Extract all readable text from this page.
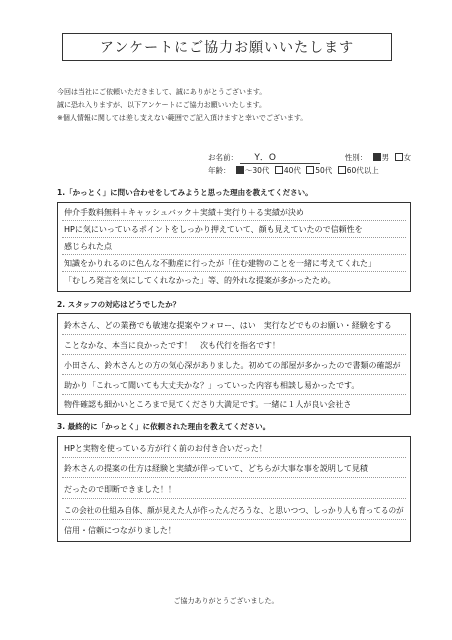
アンケートにご協力お願いいたします
今回は当社にご依頼いただきまして、誠にありがとうございます。
誠に恐れ入りますが、以下アンケートにご協力お願いいたします。
※個人情報に関しては差し支えない範囲でご記入頂けますと幸いでございます。
お名前： Y．O	性別： 男 女
年齢： ～30代 40代 50代 60代以上
1.「かっとく」に問い合わせをしてみようと思った理由を教えてください。
仲介手数料無料＋キャッシュバック＋実績＋実行り＋る実績が決め
HPに気にいっているポイントをしっかり押えていて、顔も見えていたので信頼性を
感じられた点
知識をかりれるのに色んな不動産に行ったが「住む建物のことを一緒に考えてくれた」
「むしろ発言を気にしてくれなかった」等、的外れな提案が多かったため。
2. スタッフの対応はどうでしたか？
鈴木さん、どの業務でも敏速な提案やフォロー、はい　実行などでものお願い・経験をする
ことなかな、本当に良かったです！　次も代行を指名です！
小田さん、鈴木さんとの方の気心深がありました。初めての部屋が多かったので書類の確認が
助かり「これって聞いても大丈夫かな？」っていった内容も相談し易かったです。
物件確認も細かいところまで見てくださり大満足です。一緒に１人が良い会社さ
3. 最終的に「かっとく」に依頼された理由を教えてください。
HPと実物を使っている方が行く前のお付き合いだった！
鈴木さんの提案の仕方は経験と実績が伴っていて、どちらが大事な事を説明して見積
だったので即断できました！！
この会社の仕組み自体、顔が見えた人が作ったんだろうな、と思いつつ、しっかり人も育ってるのが
信用・信頼につながりました！
ご協力ありがとうございました。
